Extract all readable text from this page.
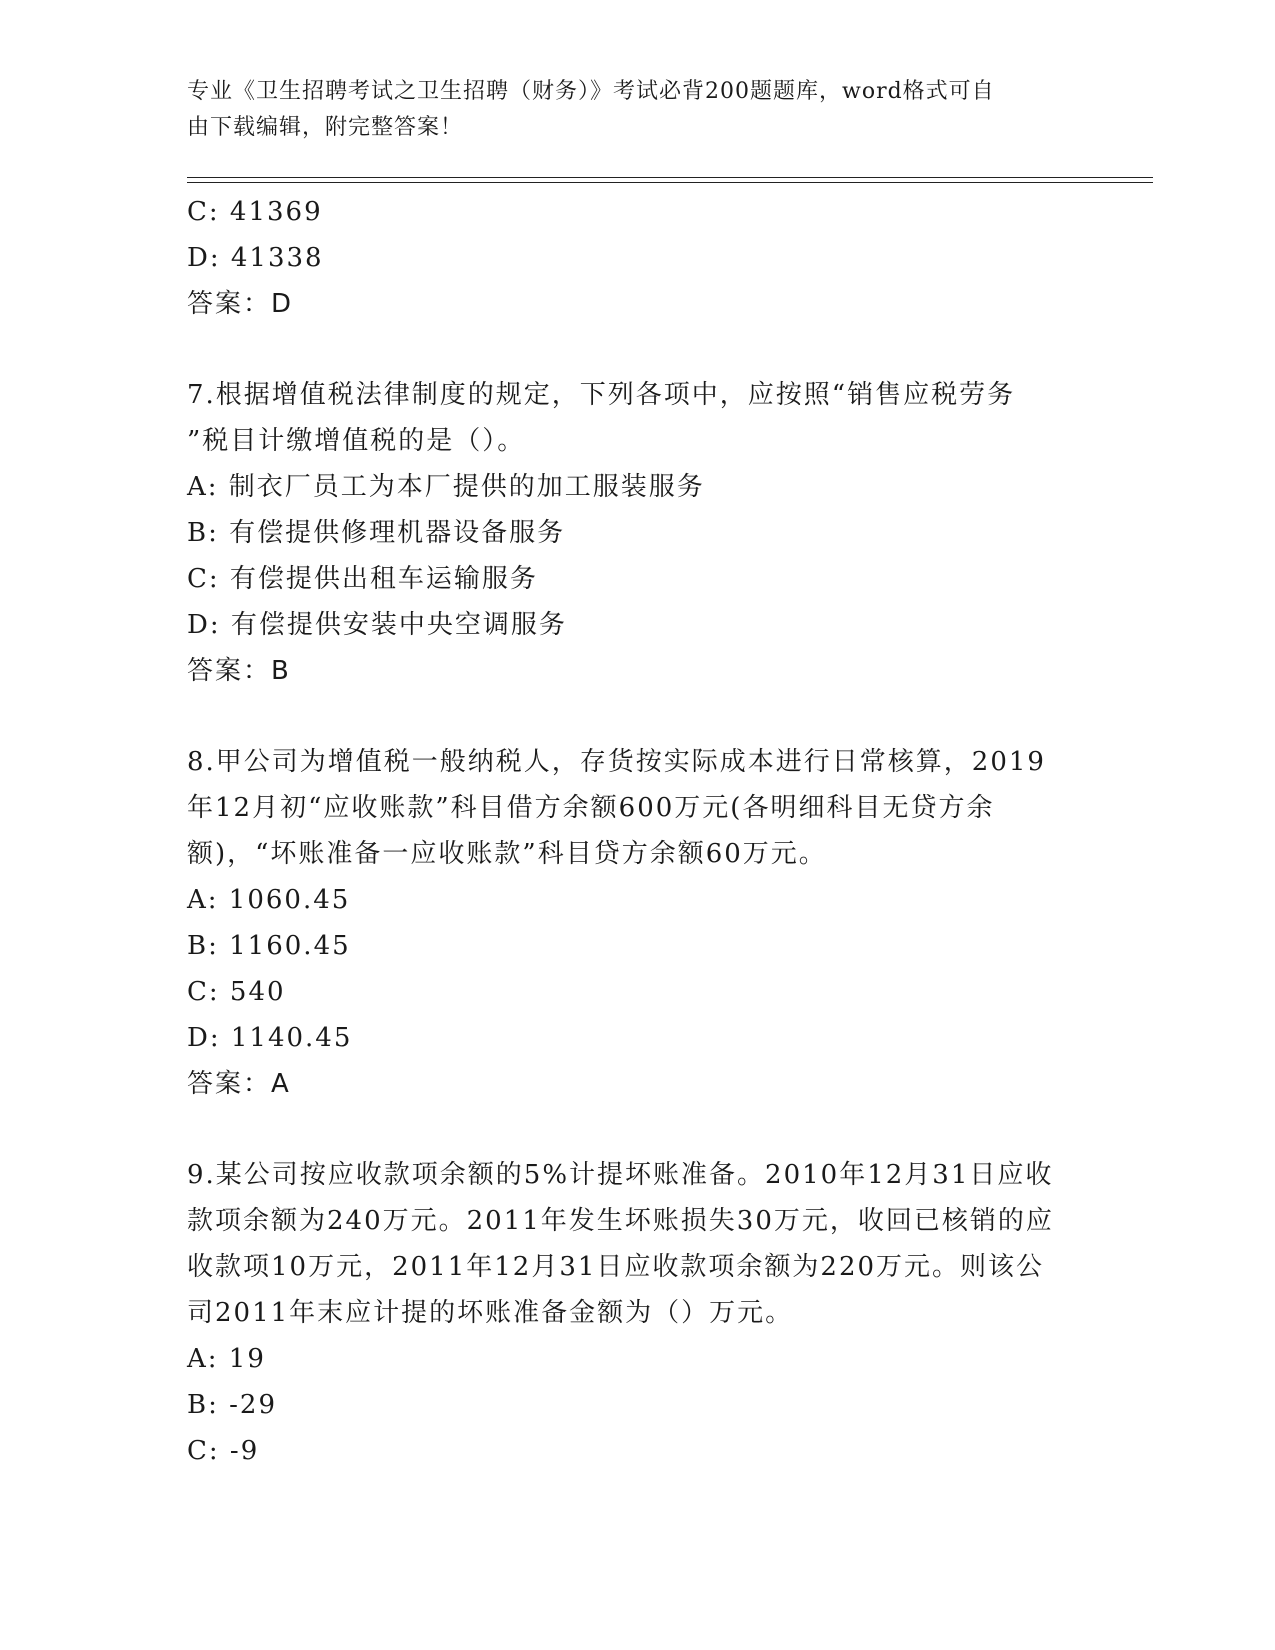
专业《卫生招聘考试之卫生招聘（财务）》考试必背200题题库，word格式可自
由下载编辑，附完整答案！
C: 41369
D: 41338
答案：D
7.根据增值税法律制度的规定，下列各项中，应按照“销售应税劳务
”税目计缴增值税的是（）。
A: 制衣厂员工为本厂提供的加工服装服务
B: 有偿提供修理机器设备服务
C: 有偿提供出租车运输服务
D: 有偿提供安装中央空调服务
答案：B
8.甲公司为增值税一般纳税人，存货按实际成本进行日常核算，2019
年12月初“应收账款”科目借方余额600万元(各明细科目无贷方余
额)，“坏账准备一应收账款”科目贷方余额60万元。
A: 1060.45
B: 1160.45
C: 540
D: 1140.45
答案：A
9.某公司按应收款项余额的5%计提坏账准备。2010年12月31日应收
款项余额为240万元。2011年发生坏账损失30万元，收回已核销的应
收款项10万元，2011年12月31日应收款项余额为220万元。则该公
司2011年末应计提的坏账准备金额为（）万元。
A: 19
B: -29
C: -9
